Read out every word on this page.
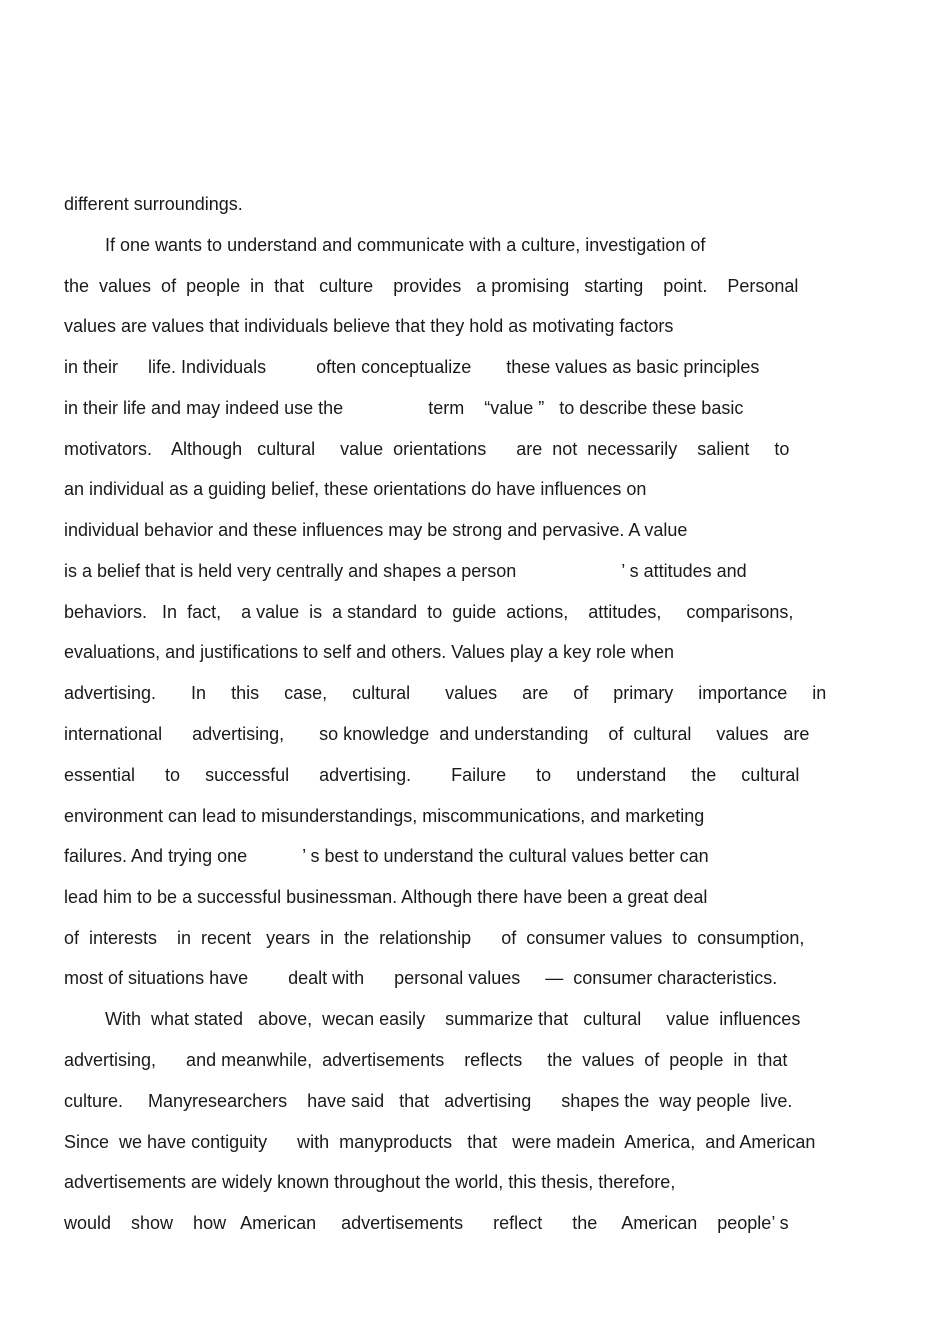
different surroundings.
If one wants to understand and communicate with a culture, investigation of
the  values  of  people  in  that   culture    provides   a promising   starting    point.    Personal
values are values that individuals believe that they hold as motivating factors
in their      life. Individuals          often conceptualize       these values as basic principles
in their life and may indeed use the                 term    “value ”   to describe these basic
motivators.    Although   cultural     value  orientations      are  not  necessarily    salient     to
an individual as a guiding belief, these orientations do have influences on
individual behavior and these influences may be strong and pervasive. A value
is a belief that is held very centrally and shapes a person                     ’ s attitudes and
behaviors.   In  fact,    a value  is  a standard  to  guide  actions,    attitudes,     comparisons,
evaluations, and justifications to self and others. Values play a key role when
advertising.       In     this     case,     cultural       values     are     of     primary     importance     in
international      advertising,       so knowledge  and understanding    of  cultural     values   are
essential      to     successful      advertising.        Failure      to     understand     the     cultural
environment can lead to misunderstandings, miscommunications, and marketing
failures. And trying one           ’ s best to understand the cultural values better can
lead him to be a successful businessman. Although there have been a great deal
of  interests    in  recent   years  in  the  relationship      of  consumer values  to  consumption,
most of situations have        dealt with      personal values     —  consumer characteristics.
With  what stated   above,  wecan easily    summarize that   cultural     value  influences
advertising,      and meanwhile,  advertisements    reflects     the  values  of  people  in  that
culture.     Manyresearchers    have said   that   advertising      shapes the  way people  live.
Since  we have contiguity      with  manyproducts   that   were madein  America,  and American
advertisements are widely known throughout the world, this thesis, therefore,
would    show    how   American     advertisements      reflect      the     American    people’ s
